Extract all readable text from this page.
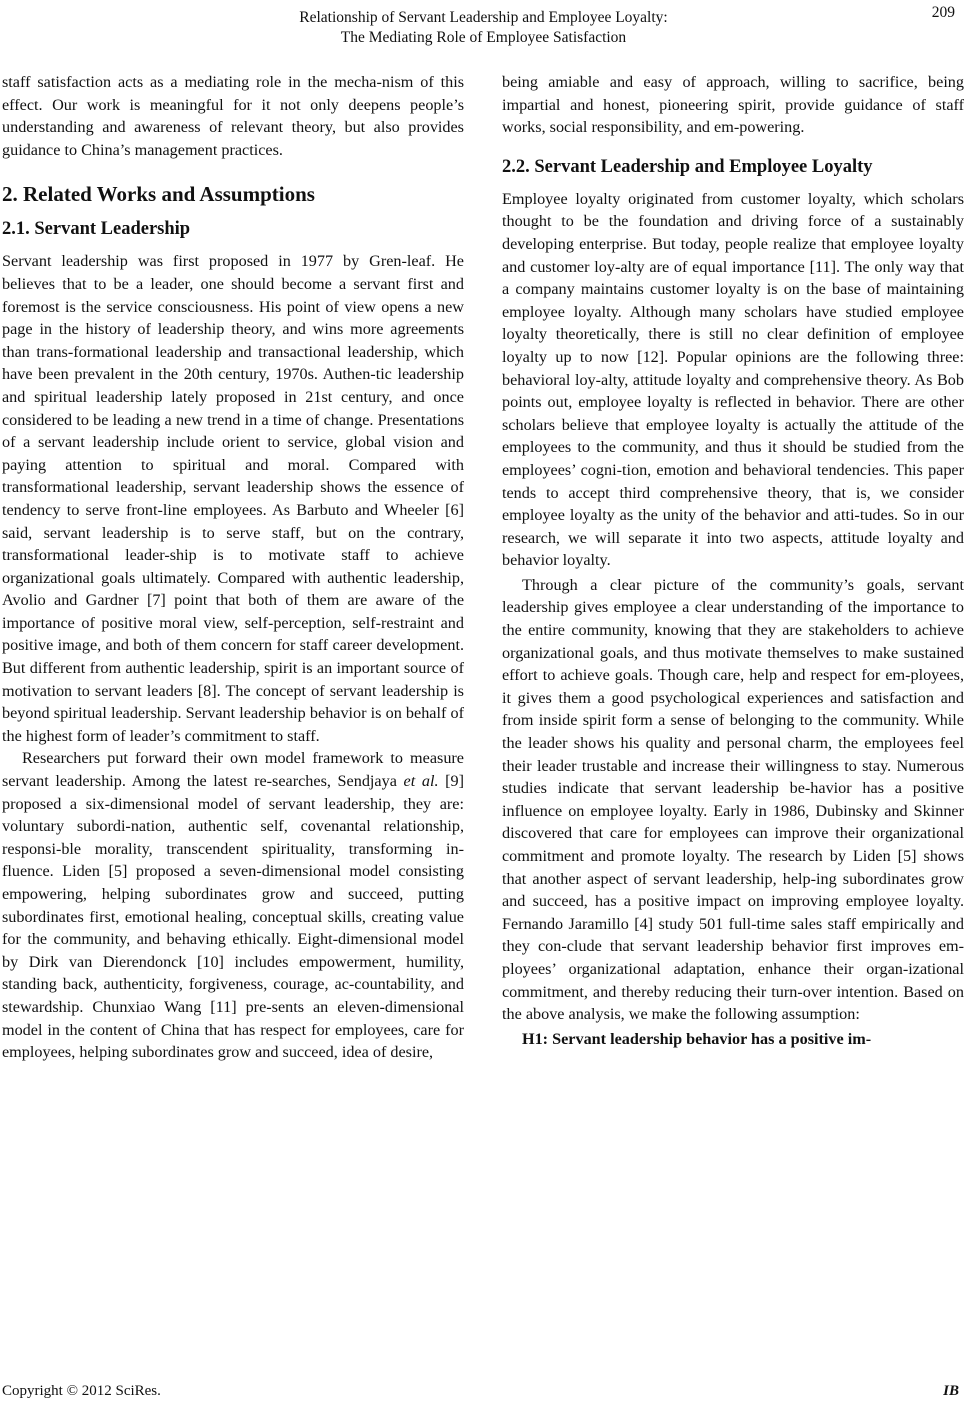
Relationship of Servant Leadership and Employee Loyalty:
The Mediating Role of Employee Satisfaction
209

staff satisfaction acts as a mediating role in the mecha-nism of this effect. Our work is meaningful for it not only deepens people’s understanding and awareness of relevant theory, but also provides guidance to China’s management practices.

2. Related Works and Assumptions
2.1. Servant Leadership

Servant leadership was first proposed in 1977 by Gren-leaf. He believes that to be a leader, one should become a servant first and foremost is the service consciousness. His point of view opens a new page in the history of leadership theory, and wins more agreements than trans-formational leadership and transactional leadership, which have been prevalent in the 20th century, 1970s. Authen-tic leadership and spiritual leadership lately proposed in 21st century, and once considered to be leading a new trend in a time of change. Presentations of a servant leadership include orient to service, global vision and paying attention to spiritual and moral. Compared with transformational leadership, servant leadership shows the essence of tendency to serve front-line employees. As Barbuto and Wheeler [6] said, servant leadership is to serve staff, but on the contrary, transformational leader-ship is to motivate staff to achieve organizational goals ultimately. Compared with authentic leadership, Avolio and Gardner [7] point that both of them are aware of the importance of positive moral view, self-perception, self-restraint and positive image, and both of them concern for staff career development. But different from authentic leadership, spirit is an important source of motivation to servant leaders [8]. The concept of servant leadership is beyond spiritual leadership. Servant leadership behavior is on behalf of the highest form of leader’s commitment to staff.

Researchers put forward their own model framework to measure servant leadership. Among the latest re-searches, Sendjaya et al. [9] proposed a six-dimensional model of servant leadership, they are: voluntary subordi-nation, authentic self, covenantal relationship, responsi-ble morality, transcendent spirituality, transforming in-fluence. Liden [5] proposed a seven-dimensional model consisting empowering, helping subordinates grow and succeed, putting subordinates first, emotional healing, conceptual skills, creating value for the community, and behaving ethically. Eight-dimensional model by Dirk van Dierendonck [10] includes empowerment, humility, standing back, authenticity, forgiveness, courage, ac-countability, and stewardship. Chunxiao Wang [11] pre-sents an eleven-dimensional model in the content of China that has respect for employees, care for employees, helping subordinates grow and succeed, idea of desire,

being amiable and easy of approach, willing to sacrifice, being impartial and honest, pioneering spirit, provide guidance of staff works, social responsibility, and em-powering.

2.2. Servant Leadership and Employee Loyalty

Employee loyalty originated from customer loyalty, which scholars thought to be the foundation and driving force of a sustainably developing enterprise. But today, people realize that employee loyalty and customer loy-alty are of equal importance [11]. The only way that a company maintains customer loyalty is on the base of maintaining employee loyalty. Although many scholars have studied employee loyalty theoretically, there is still no clear definition of employee loyalty up to now [12]. Popular opinions are the following three: behavioral loy-alty, attitude loyalty and comprehensive theory. As Bob points out, employee loyalty is reflected in behavior. There are other scholars believe that employee loyalty is actually the attitude of the employees to the community, and thus it should be studied from the employees’ cogni-tion, emotion and behavioral tendencies. This paper tends to accept third comprehensive theory, that is, we consider employee loyalty as the unity of the behavior and atti-tudes. So in our research, we will separate it into two aspects, attitude loyalty and behavior loyalty.

Through a clear picture of the community’s goals, servant leadership gives employee a clear understanding of the importance to the entire community, knowing that they are stakeholders to achieve organizational goals, and thus motivate themselves to make sustained effort to achieve goals. Though care, help and respect for em-ployees, it gives them a good psychological experiences and satisfaction and from inside spirit form a sense of belonging to the community. While the leader shows his quality and personal charm, the employees feel their leader trustable and increase their willingness to stay. Numerous studies indicate that servant leadership be-havior has a positive influence on employee loyalty. Early in 1986, Dubinsky and Skinner discovered that care for employees can improve their organizational commitment and promote loyalty. The research by Liden [5] shows that another aspect of servant leadership, help-ing subordinates grow and succeed, has a positive impact on improving employee loyalty. Fernando Jaramillo [4] study 501 full-time sales staff empirically and they con-clude that servant leadership behavior first improves em-ployees’ organizational adaptation, enhance their organ-izational commitment, and thereby reducing their turn-over intention. Based on the above analysis, we make the following assumption:

H1: Servant leadership behavior has a positive im-

Copyright © 2012 SciRes.	IB
